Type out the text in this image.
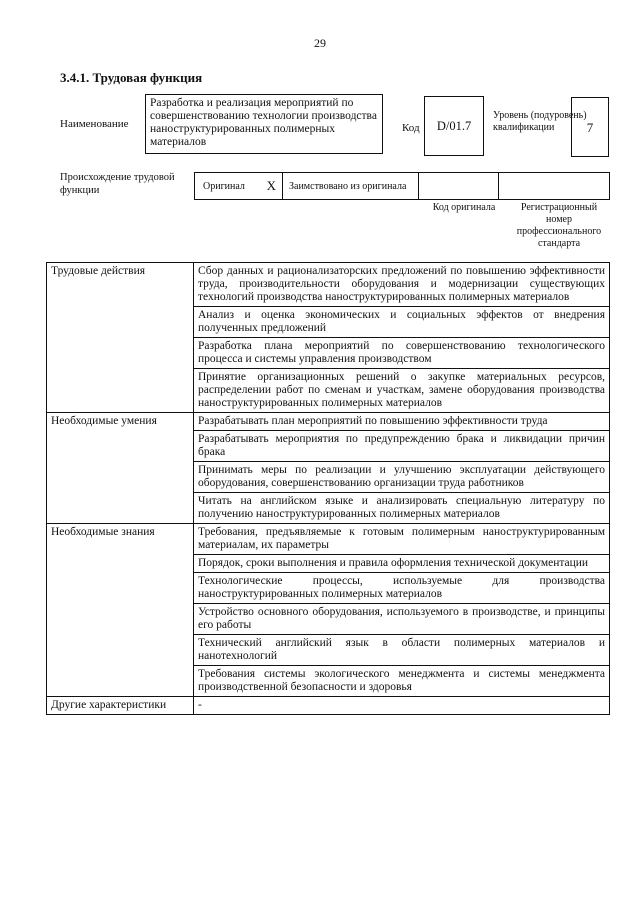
29
3.4.1. Трудовая функция
Наименование
Разработка и реализация мероприятий по совершенствованию технологии производства наноструктурированных полимерных материалов
Код	D/01.7
Уровень (подуровень) квалификации	7
Происхождение трудовой функции	Оригинал X	Заимствовано из оригинала
Код оригинала	Регистрационный номер профессионального стандарта
Трудовые действия	Сбор данных и рационализаторских предложений по повышению эффективности труда, производительности оборудования и модернизации существующих технологий производства наноструктурированных полимерных материалов
	Анализ и оценка экономических и социальных эффектов от внедрения полученных предложений
	Разработка плана мероприятий по совершенствованию технологического процесса и системы управления производством
	Принятие организационных решений о закупке материальных ресурсов, распределении работ по сменам и участкам, замене оборудования производства наноструктурированных полимерных материалов
Необходимые умения	Разрабатывать план мероприятий по повышению эффективности труда
	Разрабатывать мероприятия по предупреждению брака и ликвидации причин брака
	Принимать меры по реализации и улучшению эксплуатации действующего оборудования, совершенствованию организации труда работников
	Читать на английском языке и анализировать специальную литературу по получению наноструктурированных полимерных материалов
Необходимые знания	Требования, предъявляемые к готовым полимерным наноструктурированным материалам, их параметры
	Порядок, сроки выполнения и правила оформления технической документации
	Технологические процессы, используемые для производства наноструктурированных полимерных материалов
	Устройство основного оборудования, используемого в производстве, и принципы его работы
	Технический английский язык в области полимерных материалов и нанотехнологий
	Требования системы экологического менеджмента и системы менеджмента производственной безопасности и здоровья
Другие характеристики	-
